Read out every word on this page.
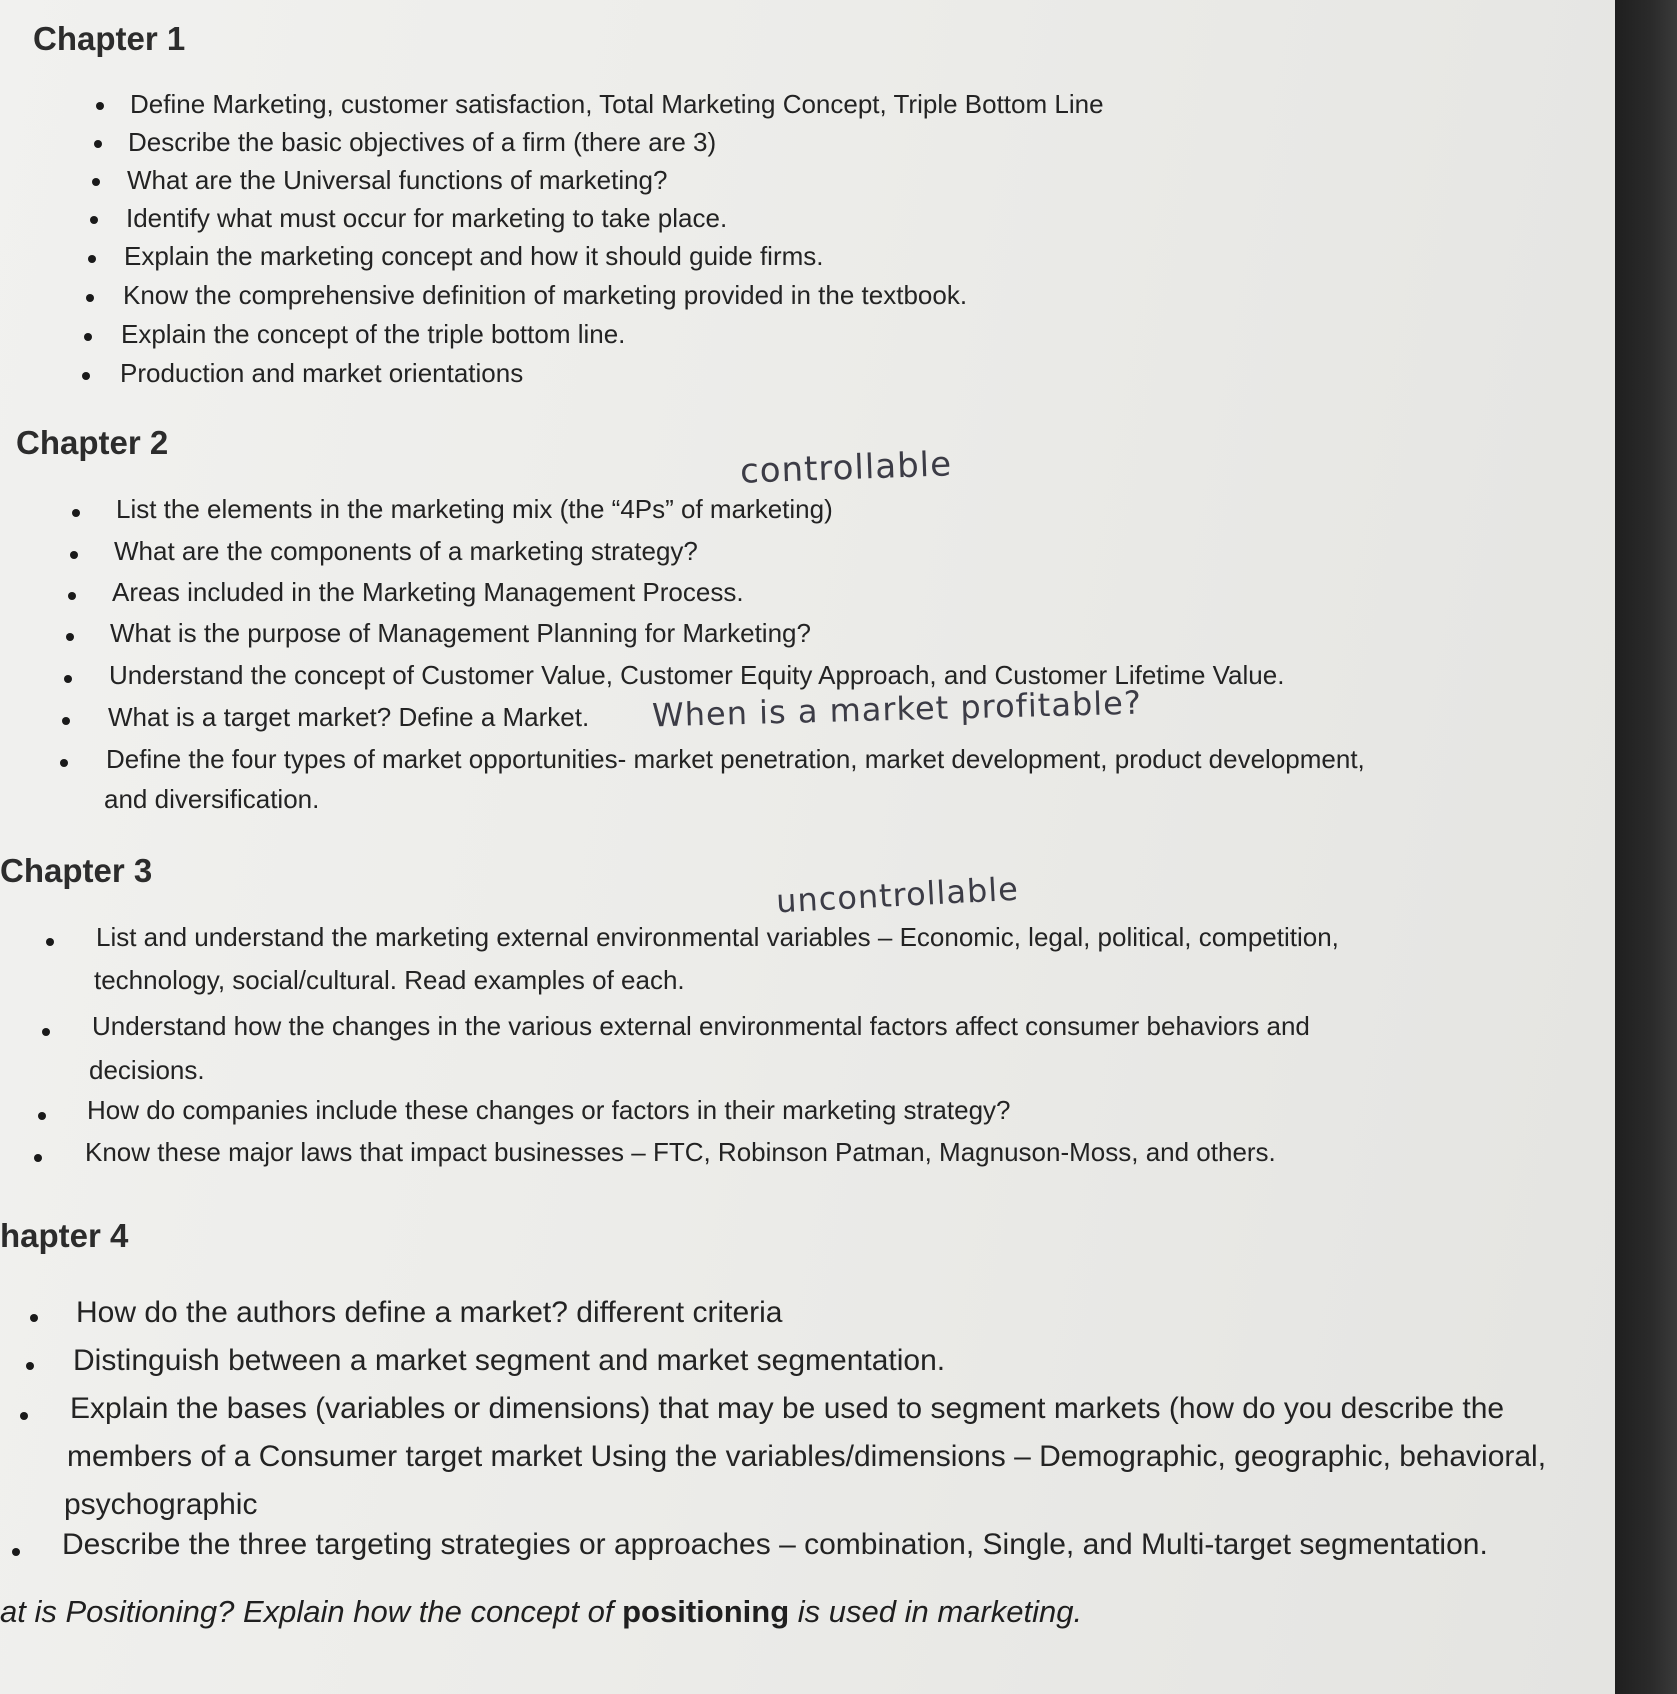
Chapter 1
Define Marketing, customer satisfaction, Total Marketing Concept, Triple Bottom Line
Describe the basic objectives of a firm (there are 3)
What are the Universal functions of marketing?
Identify what must occur for marketing to take place.
Explain the marketing concept and how it should guide firms.
Know the comprehensive definition of marketing provided in the textbook.
Explain the concept of the triple bottom line.
Production and market orientations
Chapter 2
controllable
List the elements in the marketing mix (the “4Ps” of marketing)
What are the components of a marketing strategy?
Areas included in the Marketing Management Process.
What is the purpose of Management Planning for Marketing?
Understand the concept of Customer Value, Customer Equity Approach, and Customer Lifetime Value.
What is a target market? Define a Market.
Define the four types of market opportunities- market penetration, market development, product development,
and diversification.
When is a market profitable?
Chapter 3	uncontrollable
List and understand the marketing external environmental variables – Economic, legal, political, competition,
technology, social/cultural. Read examples of each.
Understand how the changes in the various external environmental factors affect consumer behaviors and
decisions.
How do companies include these changes or factors in their marketing strategy?
Know these major laws that impact businesses – FTC, Robinson Patman, Magnuson-Moss, and others.
hapter 4
How do the authors define a market? different criteria
Distinguish between a market segment and market segmentation.
Explain the bases (variables or dimensions) that may be used to segment markets (how do you describe the
members of a Consumer target market Using the variables/dimensions – Demographic, geographic, behavioral,
psychographic
Describe the three targeting strategies or approaches – combination, Single, and Multi-target segmentation.
at is Positioning? Explain how the concept of positioning is used in marketing.
